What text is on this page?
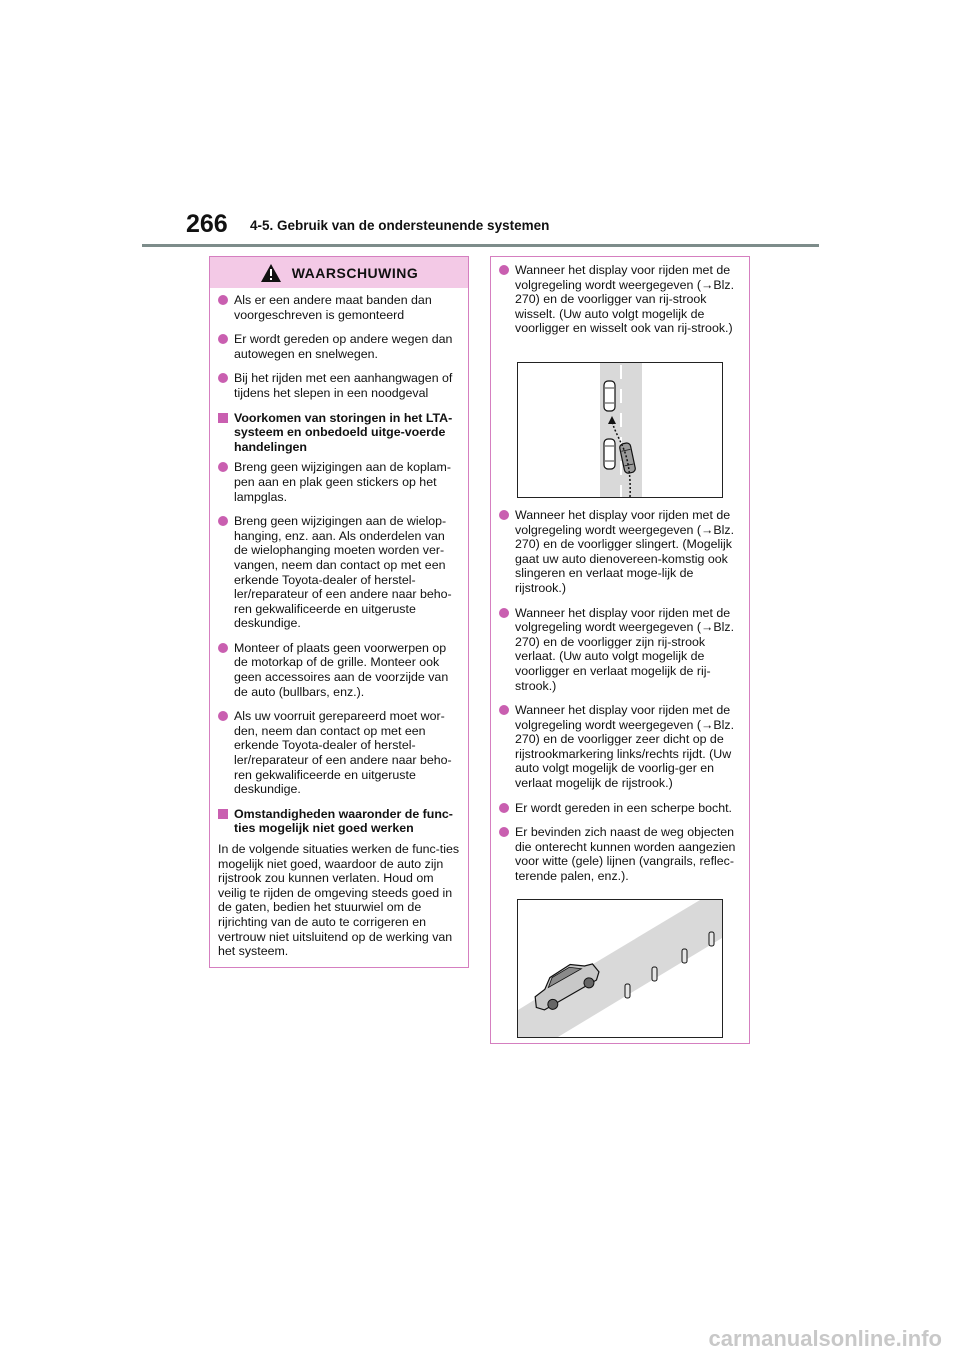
266 4-5. Gebruik van de ondersteunende systemen
WAARSCHUWING
Als er een andere maat banden dan voorgeschreven is gemonteerd
Er wordt gereden op andere wegen dan autowegen en snelwegen.
Bij het rijden met een aanhangwagen of tijdens het slepen in een noodgeval
Voorkomen van storingen in het LTA-systeem en onbedoeld uitge-voerde handelingen
Breng geen wijzigingen aan de koplam-pen aan en plak geen stickers op het lampglas.
Breng geen wijzigingen aan de wielop-hanging, enz. aan. Als onderdelen van de wielophanging moeten worden ver-vangen, neem dan contact op met een erkende Toyota-dealer of herstel-ler/reparateur of een andere naar beho-ren gekwalificeerde en uitgeruste deskundige.
Monteer of plaats geen voorwerpen op de motorkap of de grille. Monteer ook geen accessoires aan de voorzijde van de auto (bullbars, enz.).
Als uw voorruit gerepareerd moet wor-den, neem dan contact op met een erkende Toyota-dealer of herstel-ler/reparateur of een andere naar beho-ren gekwalificeerde en uitgeruste deskundige.
Omstandigheden waaronder de func-ties mogelijk niet goed werken

In de volgende situaties werken de func-ties mogelijk niet goed, waardoor de auto zijn rijstrook zou kunnen verlaten. Houd om veilig te rijden de omgeving steeds goed in de gaten, bedien het stuurwiel om de rijrichting van de auto te corrigeren en vertrouw niet uitsluitend op de werking van het systeem.

Wanneer het display voor rijden met de volgregeling wordt weergegeven (→Blz. 270) en de voorligger van rij-strook wisselt. (Uw auto volgt mogelijk de voorligger en wisselt ook van rij-strook.)
Wanneer het display voor rijden met de volgregeling wordt weergegeven (→Blz. 270) en de voorligger slingert. (Mogelijk gaat uw auto dienovereen-komstig ook slingeren en verlaat moge-lijk de rijstrook.)
Wanneer het display voor rijden met de volgregeling wordt weergegeven (→Blz. 270) en de voorligger zijn rij-strook verlaat. (Uw auto volgt mogelijk de voorligger en verlaat mogelijk de rij-strook.)
Wanneer het display voor rijden met de volgregeling wordt weergegeven (→Blz. 270) en de voorligger zeer dicht op de rijstrookmarkering links/rechts rijdt. (Uw auto volgt mogelijk de voorlig-ger en verlaat mogelijk de rijstrook.)
Er wordt gereden in een scherpe bocht.
Er bevinden zich naast de weg objecten die onterecht kunnen worden aangezien voor witte (gele) lijnen (vangrails, reflec-terende palen, enz.).
carmanualsonline.info
